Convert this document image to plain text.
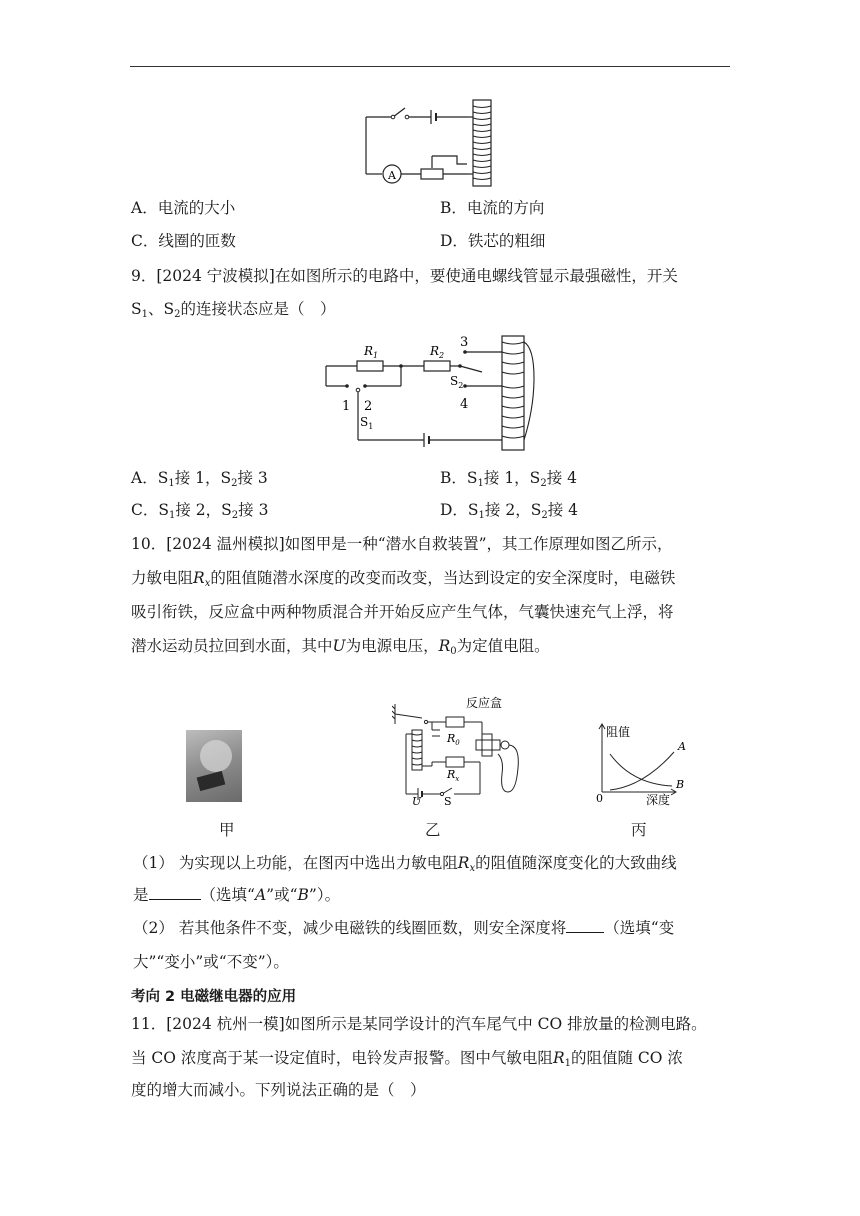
A
A．电流的大小	B．电流的方向
C．线圈的匝数	D．铁芯的粗细
9．[2024 宁波模拟]在如图所示的电路中，要使通电螺线管显示最强磁性，开关
$S_1$、$S_2$的连接状态应是（　）
$R_1$	$R_2$
3
4
$S_2$
1 2
$S_1$
A．$S_1$接 1，$S_2$接 3	B．$S_1$接 1，$S_2$接 4
C．$S_1$接 2，$S_2$接 3	D．$S_1$接 2，$S_2$接 4
10．[2024 温州模拟]如图甲是一种“潜水自救装置”，其工作原理如图乙所示，
力敏电阻$R_x$的阻值随潜水深度的改变而改变，当达到设定的安全深度时，电磁铁
吸引衔铁，反应盒中两种物质混合并开始反应产生气体，气囊快速充气上浮，将
潜水运动员拉回到水面，其中U为电源电压，$R_0$为定值电阻。
反应盒
$R_0$
$R_x$
U S
阻值
深度
0
A
B
甲	乙	丙
（1） 为实现以上功能，在图丙中选出力敏电阻$R_x$的阻值随深度变化的大致曲线
是	（选填“A”或“B”）。
（2） 若其他条件不变，减少电磁铁的线圈匝数，则安全深度将 （选填“变
大”“变小”或“不变”）。
考向 2 电磁继电器的应用
11．[2024 杭州一模]如图所示是某同学设计的汽车尾气中 CO 排放量的检测电路。
当 CO 浓度高于某一设定值时，电铃发声报警。图中气敏电阻$R_1$的阻值随 CO 浓
度的增大而减小。下列说法正确的是（　）
